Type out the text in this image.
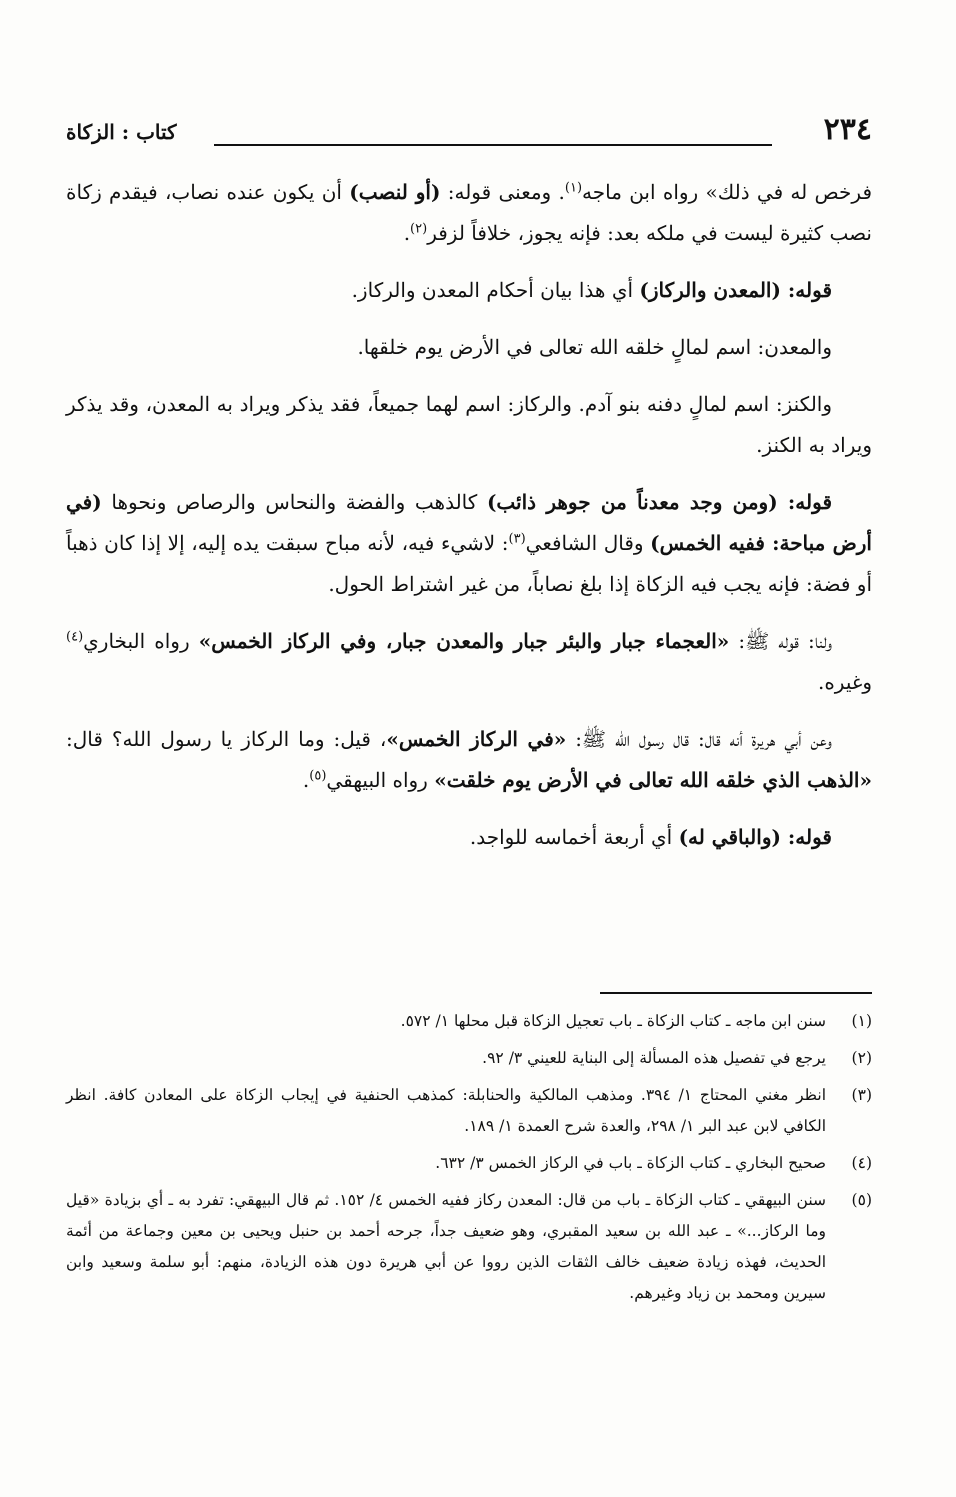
٢٣٤
كتاب : الزكاة

فرخص له في ذلك» رواه ابن ماجه$^{(١)}$. ومعنى قوله: (أو لنصب) أن يكون عنده نصاب، فيقدم زكاة نصب كثيرة ليست في ملكه بعد: فإنه يجوز، خلافاً لزفر$^{(٢)}$.

قوله: (المعدن والركاز) أي هذا بيان أحكام المعدن والركاز.

والمعدن: اسم لمالٍ خلقه الله تعالى في الأرض يوم خلقها.

والكنز: اسم لمالٍ دفنه بنو آدم. والركاز: اسم لهما جميعاً، فقد يذكر ويراد به المعدن، وقد يذكر ويراد به الكنز.

قوله: (ومن وجد معدناً من جوهر ذائب) كالذهب والفضة والنحاس والرصاص ونحوها (في أرض مباحة: ففيه الخمس) وقال الشافعي$^{(٣)}$: لاشيء فيه، لأنه مباح سبقت يده إليه، إلا إذا كان ذهباً أو فضة: فإنه يجب فيه الزكاة إذا بلغ نصاباً، من غير اشتراط الحول.

ولنا: قوله ﷺ: «العجماء جبار والبئر جبار والمعدن جبار، وفي الركاز الخمس» رواه البخاري$^{(٤)}$ وغيره.

وعن أبي هريرة أنه قال: قال رسول الله ﷺ: «في الركاز الخمس»، قيل: وما الركاز يا رسول الله؟ قال: «الذهب الذي خلقه الله تعالى في الأرض يوم خلقت» رواه البيهقي$^{(٥)}$.

قوله: (والباقي له) أي أربعة أخماسه للواجد.

(١)
سنن ابن ماجه ـ كتاب الزكاة ـ باب تعجيل الزكاة قبل محلها ١/ ٥٧٢.
(٢)
يرجع في تفصيل هذه المسألة إلى البناية للعيني ٣/ ٩٢.
(٣)
انظر مغني المحتاج ١/ ٣٩٤. ومذهب المالكية والحنابلة: كمذهب الحنفية في إيجاب الزكاة على المعادن كافة. انظر الكافي لابن عبد البر ١/ ٢٩٨، والعدة شرح العمدة ١/ ١٨٩.
(٤)
صحيح البخاري ـ كتاب الزكاة ـ باب في الركاز الخمس ٣/ ٦٣٢.
(٥)
سنن البيهقي ـ كتاب الزكاة ـ باب من قال: المعدن ركاز ففيه الخمس ٤/ ١٥٢. ثم قال البيهقي: تفرد به ـ أي بزيادة «قيل وما الركاز...» ـ عبد الله بن سعيد المقبري، وهو ضعيف جداً، جرحه أحمد بن حنبل ويحيى بن معين وجماعة من أئمة الحديث، فهذه زيادة ضعيف خالف الثقات الذين رووا عن أبي هريرة دون هذه الزيادة، منهم: أبو سلمة وسعيد وابن سيرين ومحمد بن زياد وغيرهم.
